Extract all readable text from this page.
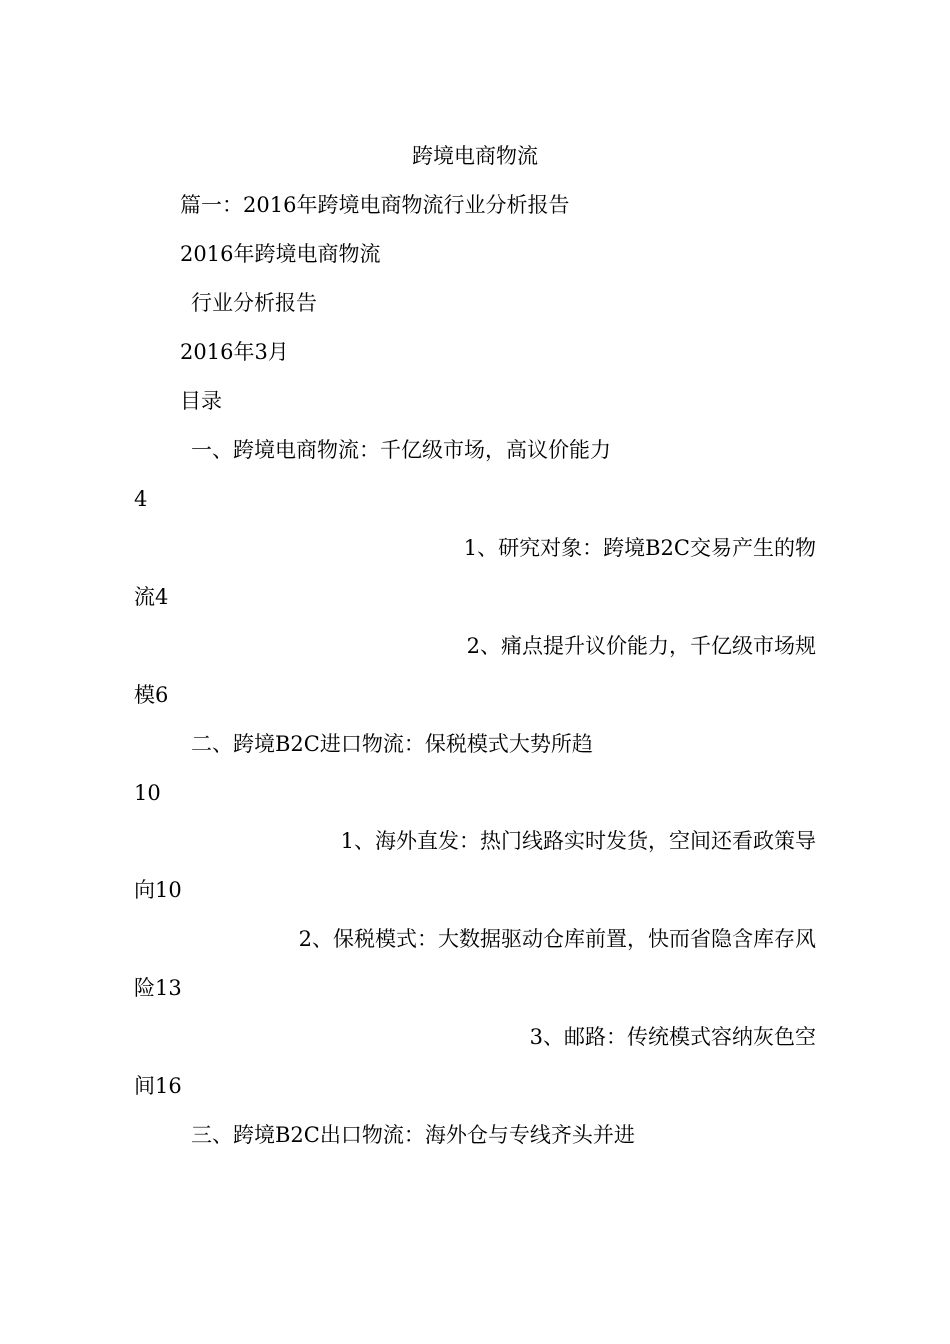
跨境电商物流
篇一：2016年跨境电商物流行业分析报告
2016年跨境电商物流
行业分析报告
2016年3月
目录
一、跨境电商物流：千亿级市场，高议价能力
4
1、研究对象：跨境B2C交易产生的物
流4
2、痛点提升议价能力，千亿级市场规
模6
二、跨境B2C进口物流：保税模式大势所趋
10
1、海外直发：热门线路实时发货，空间还看政策导
向10
2、保税模式：大数据驱动仓库前置，快而省隐含库存风
险13
3、邮路：传统模式容纳灰色空
间16
三、跨境B2C出口物流：海外仓与专线齐头并进
